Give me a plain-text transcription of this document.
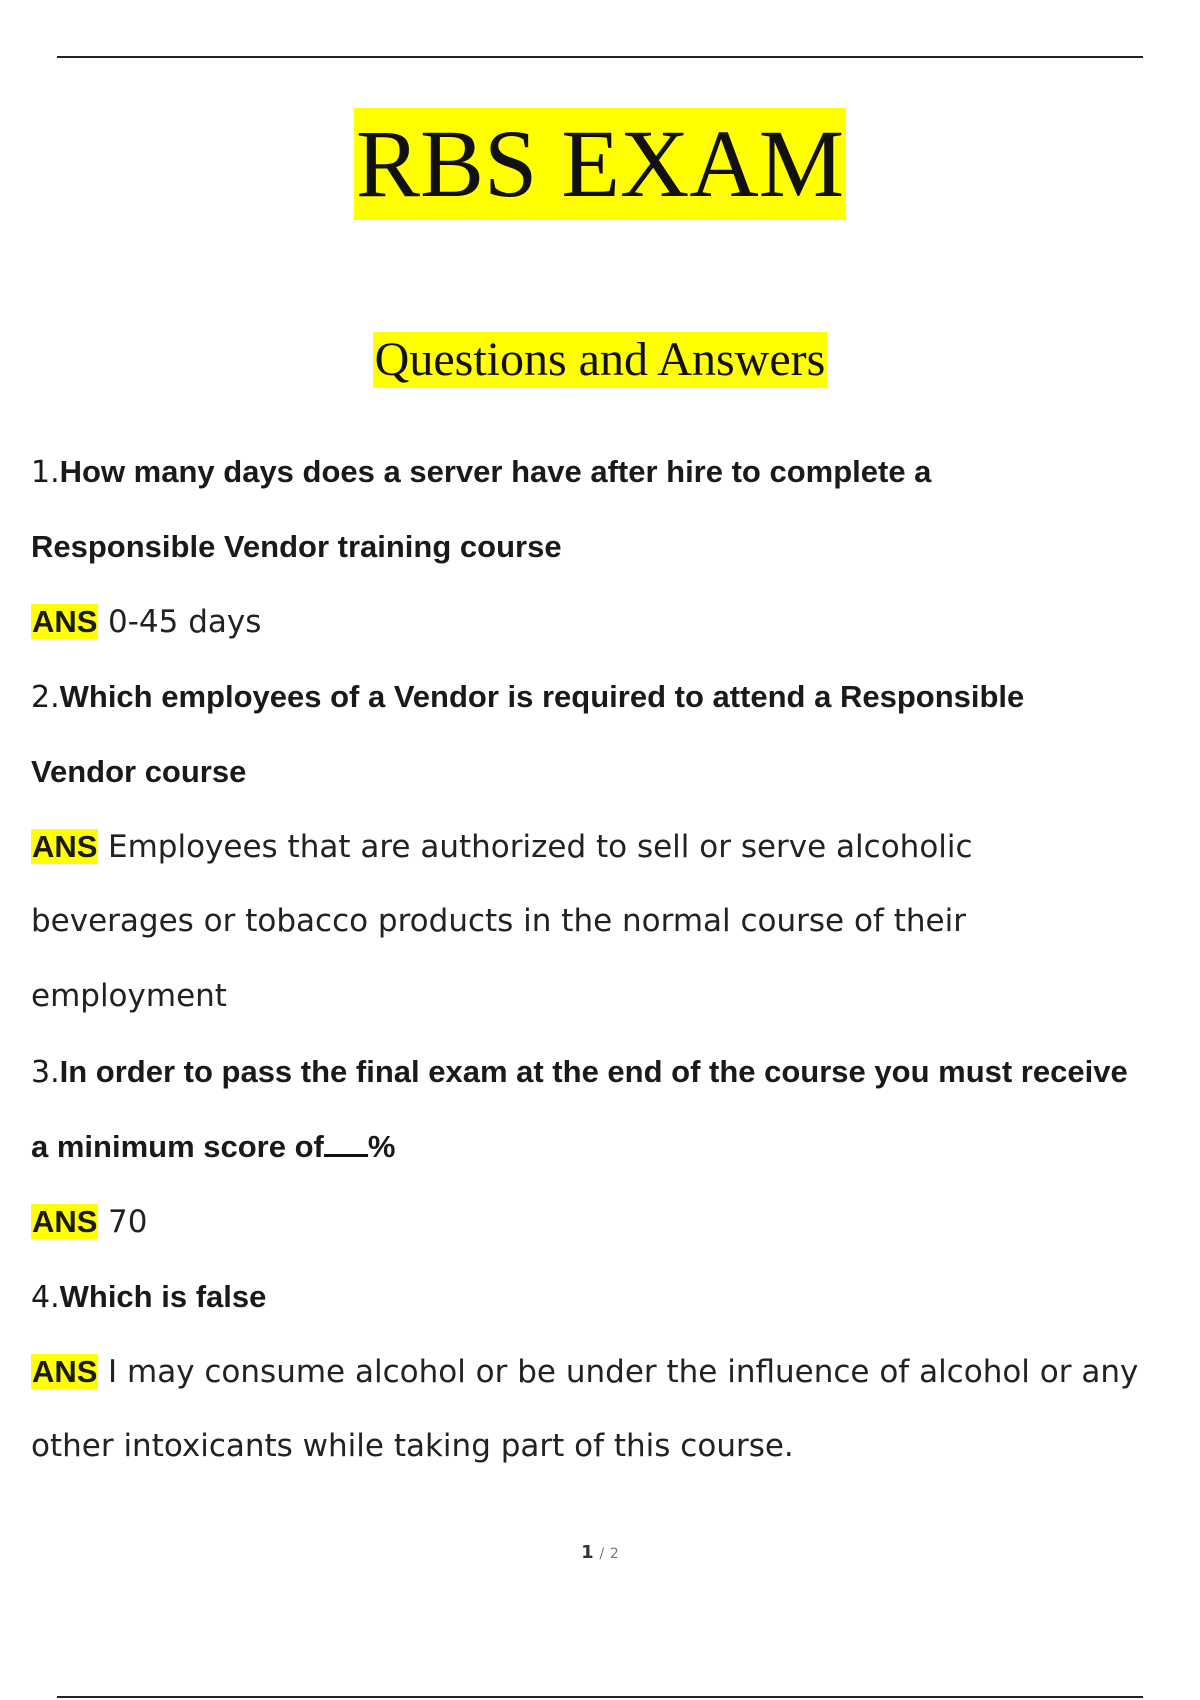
RBS EXAM
Questions and Answers
1.How many days does a server have after hire to complete a
Responsible Vendor training course
ANS 0-45 days
2.Which employees of a Vendor is required to attend a Responsible
Vendor course
ANS Employees that are authorized to sell or serve alcoholic
beverages or tobacco products in the normal course of their
employment
3.In order to pass the final exam at the end of the course you must receive
a minimum score of %
ANS 70
4.Which is false
ANS I may consume alcohol or be under the influence of alcohol or any
other intoxicants while taking part of this course.
1 / 2
